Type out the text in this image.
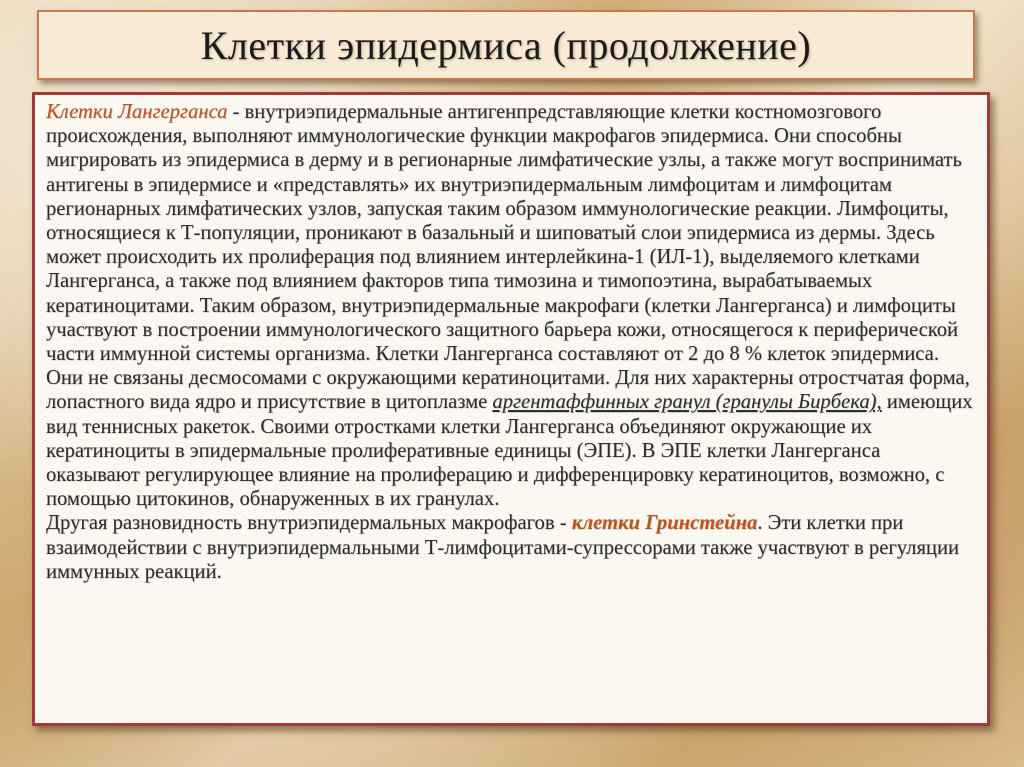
Клетки эпидермиса (продолжение)

Клетки Лангерганса - внутриэпидермальные антигенпредставляющие клетки костномозгового происхождения, выполняют иммунологические функции макрофагов эпидермиса. Они способны мигрировать из эпидермиса в дерму и в регионарные лимфатические узлы, а также могут воспринимать антигены в эпидермисе и «представлять» их внутриэпидермальным лимфоцитам и лимфоцитам регионарных лимфатических узлов, запуская таким образом иммунологические реакции. Лимфоциты, относящиеся к Т-популяции, проникают в базальный и шиповатый слои эпидермиса из дермы. Здесь может происходить их пролиферация под влиянием интерлейкина-1 (ИЛ-1), выделяемого клетками Лангерганса, а также под влиянием факторов типа тимозина и тимопоэтина, вырабатываемых кератиноцитами. Таким образом, внутриэпидермальные макрофаги (клетки Лангерганса) и лимфоциты участвуют в построении иммунологического защитного барьера кожи, относящегося к периферической части иммунной системы организма. Клетки Лангерганса составляют от 2 до 8 % клеток эпидермиса. Они не связаны десмосомами с окружающими кератиноцитами. Для них характерны отростчатая форма, лопастного вида ядро и присутствие в цитоплазме аргентаффинных гранул (гранулы Бирбека), имеющих вид теннисных ракеток. Своими отростками клетки Лангерганса объединяют окружающие их кератиноциты в эпидермальные пролиферативные единицы (ЭПЕ). В ЭПЕ клетки Лангерганса оказывают регулирующее влияние на пролиферацию и дифференцировку кератиноцитов, возможно, с помощью цитокинов, обнаруженных в их гранулах.

Другая разновидность внутриэпидермальных макрофагов - клетки Гринстейна. Эти клетки при взаимодействии с внутриэпидермальными Т-лимфоцитами-супрессорами также участвуют в регуляции иммунных реакций.
